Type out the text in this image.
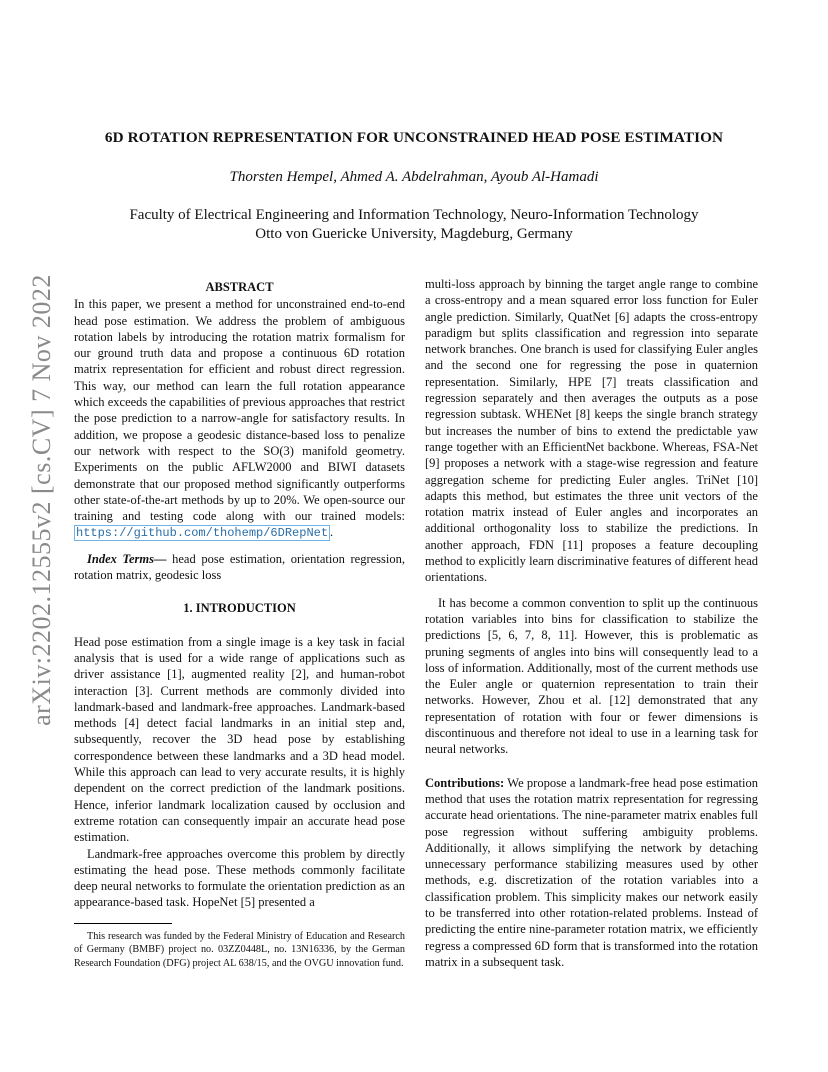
6D ROTATION REPRESENTATION FOR UNCONSTRAINED HEAD POSE ESTIMATION
Thorsten Hempel, Ahmed A. Abdelrahman, Ayoub Al-Hamadi
Faculty of Electrical Engineering and Information Technology, Neuro-Information Technology
Otto von Guericke University, Magdeburg, Germany
arXiv:2202.12555v2 [cs.CV] 7 Nov 2022	ABSTRACT

In this paper, we present a method for unconstrained end-to-end head pose estimation. We address the problem of ambiguous rotation labels by introducing the rotation matrix formalism for our ground truth data and propose a continuous 6D rotation matrix representation for efficient and robust direct regression. This way, our method can learn the full rotation appearance which exceeds the capabilities of previous approaches that restrict the pose prediction to a narrow-angle for satisfactory results. In addition, we propose a geodesic distance-based loss to penalize our network with respect to the SO(3) manifold geometry. Experiments on the public AFLW2000 and BIWI datasets demonstrate that our proposed method significantly outperforms other state-of-the-art methods by up to 20%. We open-source our training and testing code along with our trained models: https://github.com/thohemp/6DRepNet .

Index Terms— head pose estimation, orientation regression, rotation matrix, geodesic loss

1. INTRODUCTION

Head pose estimation from a single image is a key task in facial analysis that is used for a wide range of applications such as driver assistance [1], augmented reality [2], and human-robot interaction [3]. Current methods are commonly divided into landmark-based and landmark-free approaches. Landmark-based methods [4] detect facial landmarks in an initial step and, subsequently, recover the 3D head pose by establishing correspondence between these landmarks and a 3D head model. While this approach can lead to very accurate results, it is highly dependent on the correct prediction of the landmark positions. Hence, inferior landmark localization caused by occlusion and extreme rotation can consequently impair an accurate head pose estimation.

Landmark-free approaches overcome this problem by directly estimating the head pose. These methods commonly facilitate deep neural networks to formulate the orientation prediction as an appearance-based task. HopeNet [5] presented a

This research was funded by the Federal Ministry of Education and Research of Germany (BMBF) project no. 03ZZ0448L, no. 13N16336, by the German Research Foundation (DFG) project AL 638/15, and the OVGU innovation fund.

multi-loss approach by binning the target angle range to combine a cross-entropy and a mean squared error loss function for Euler angle prediction. Similarly, QuatNet [6] adapts the cross-entropy paradigm but splits classification and regression into separate network branches. One branch is used for classifying Euler angles and the second one for regressing the pose in quaternion representation. Similarly, HPE [7] treats classification and regression separately and then averages the outputs as a pose regression subtask. WHENet [8] keeps the single branch strategy but increases the number of bins to extend the predictable yaw range together with an EfficientNet backbone. Whereas, FSA-Net [9] proposes a network with a stage-wise regression and feature aggregation scheme for predicting Euler angles. TriNet [10] adapts this method, but estimates the three unit vectors of the rotation matrix instead of Euler angles and incorporates an additional orthogonality loss to stabilize the predictions. In another approach, FDN [11] proposes a feature decoupling method to explicitly learn discriminative features of different head orientations.

It has become a common convention to split up the continuous rotation variables into bins for classification to stabilize the predictions [5, 6, 7, 8, 11]. However, this is problematic as pruning segments of angles into bins will consequently lead to a loss of information. Additionally, most of the current methods use the Euler angle or quaternion representation to train their networks. However, Zhou et al. [12] demonstrated that any representation of rotation with four or fewer dimensions is discontinuous and therefore not ideal to use in a learning task for neural networks.

Contributions: We propose a landmark-free head pose estimation method that uses the rotation matrix representation for regressing accurate head orientations. The nine-parameter matrix enables full pose regression without suffering ambiguity problems. Additionally, it allows simplifying the network by detaching unnecessary performance stabilizing measures used by other methods, e.g. discretization of the rotation variables into a classification problem. This simplicity makes our network easily to be transferred into other rotation-related problems. Instead of predicting the entire nine-parameter rotation matrix, we efficiently regress a compressed 6D form that is transformed into the rotation matrix in a subsequent task.
